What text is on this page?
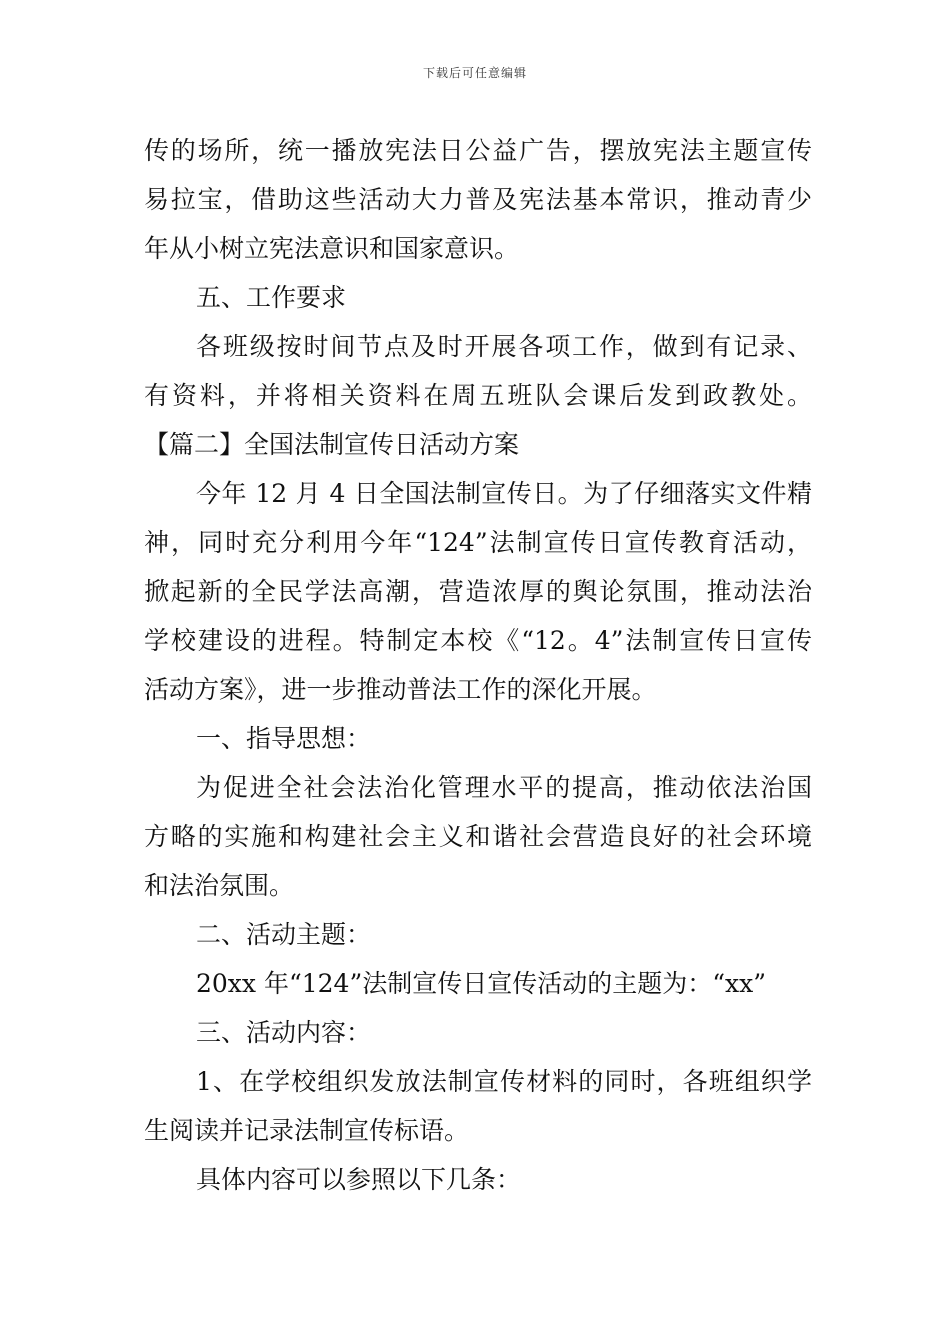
下载后可任意编辑
传的场所，统一播放宪法日公益广告，摆放宪法主题宣传
易拉宝，借助这些活动大力普及宪法基本常识，推动青少
年从小树立宪法意识和国家意识。
五、工作要求
各班级按时间节点及时开展各项工作，做到有记录、
有资料，并将相关资料在周五班队会课后发到政教处。
【篇二】全国法制宣传日活动方案
今年 12 月 4 日全国法制宣传日。为了仔细落实文件精
神，同时充分利用今年“124”法制宣传日宣传教育活动，
掀起新的全民学法高潮，营造浓厚的舆论氛围，推动法治
学校建设的进程。特制定本校《“12。4”法制宣传日宣传
活动方案》，进一步推动普法工作的深化开展。
一、指导思想：
为促进全社会法治化管理水平的提高，推动依法治国
方略的实施和构建社会主义和谐社会营造良好的社会环境
和法治氛围。
二、活动主题：
20xx 年“124”法制宣传日宣传活动的主题为：“xx”
三、活动内容：
1、在学校组织发放法制宣传材料的同时，各班组织学
生阅读并记录法制宣传标语。
具体内容可以参照以下几条：
